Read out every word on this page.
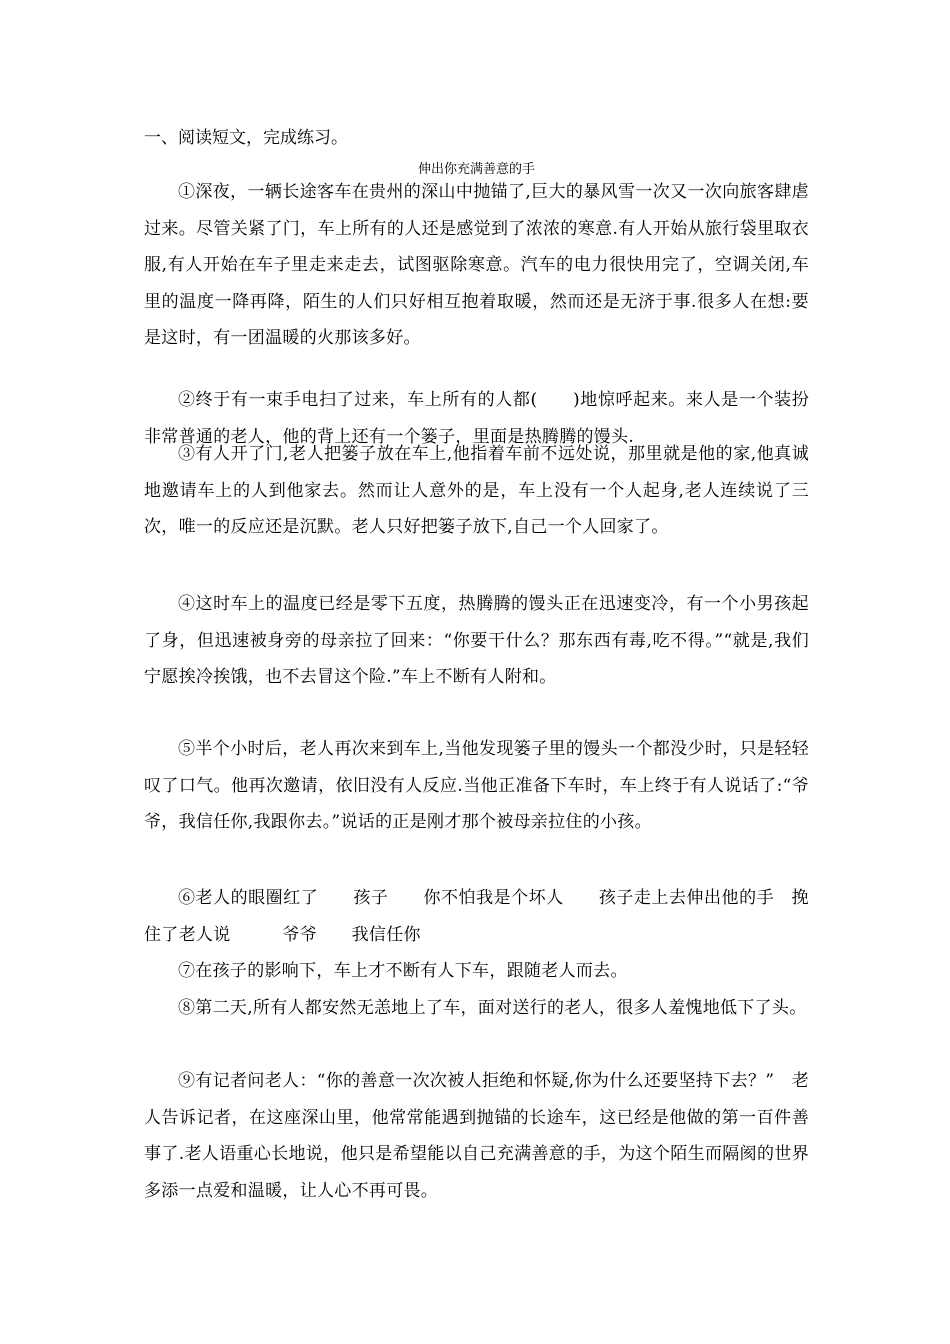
一、阅读短文，完成练习。
伸出你充满善意的手

①深夜，一辆长途客车在贵州的深山中抛锚了,巨大的暴风雪一次又一次向旅客肆虐过来。尽管关紧了门，车上所有的人还是感觉到了浓浓的寒意.有人开始从旅行袋里取衣服,有人开始在车子里走来走去，试图驱除寒意。汽车的电力很快用完了，空调关闭,车里的温度一降再降，陌生的人们只好相互抱着取暖，然而还是无济于事.很多人在想:要是这时，有一团温暖的火那该多好。

②终于有一束手电扫了过来，车上所有的人都(　　)地惊呼起来。来人是一个装扮非常普通的老人，他的背上还有一个篓子，里面是热腾腾的馒头.

③有人开了门,老人把篓子放在车上,他指着车前不远处说，那里就是他的家,他真诚地邀请车上的人到他家去。然而让人意外的是，车上没有一个人起身,老人连续说了三次，唯一的反应还是沉默。老人只好把篓子放下,自己一个人回家了。

④这时车上的温度已经是零下五度，热腾腾的馒头正在迅速变冷，有一个小男孩起了身，但迅速被身旁的母亲拉了回来：“你要干什么？那东西有毒,吃不得。”“就是,我们宁愿挨冷挨饿，也不去冒这个险.”车上不断有人附和。

⑤半个小时后，老人再次来到车上,当他发现篓子里的馒头一个都没少时，只是轻轻叹了口气。他再次邀请，依旧没有人反应.当他正准备下车时，车上终于有人说话了:“爷爷，我信任你,我跟你去。”说话的正是刚才那个被母亲拉住的小孩。

⑥老人的眼圈红了　　孩子　　你不怕我是个坏人　　孩子走上去伸出他的手　挽住了老人说　　　爷爷　　我信任你

⑦在孩子的影响下，车上才不断有人下车，跟随老人而去。

⑧第二天,所有人都安然无恙地上了车，面对送行的老人，很多人羞愧地低下了头。

⑨有记者问老人：“你的善意一次次被人拒绝和怀疑,你为什么还要坚持下去？”　老人告诉记者，在这座深山里，他常常能遇到抛锚的长途车，这已经是他做的第一百件善事了.老人语重心长地说，他只是希望能以自己充满善意的手，为这个陌生而隔阂的世界多添一点爱和温暖，让人心不再可畏。
